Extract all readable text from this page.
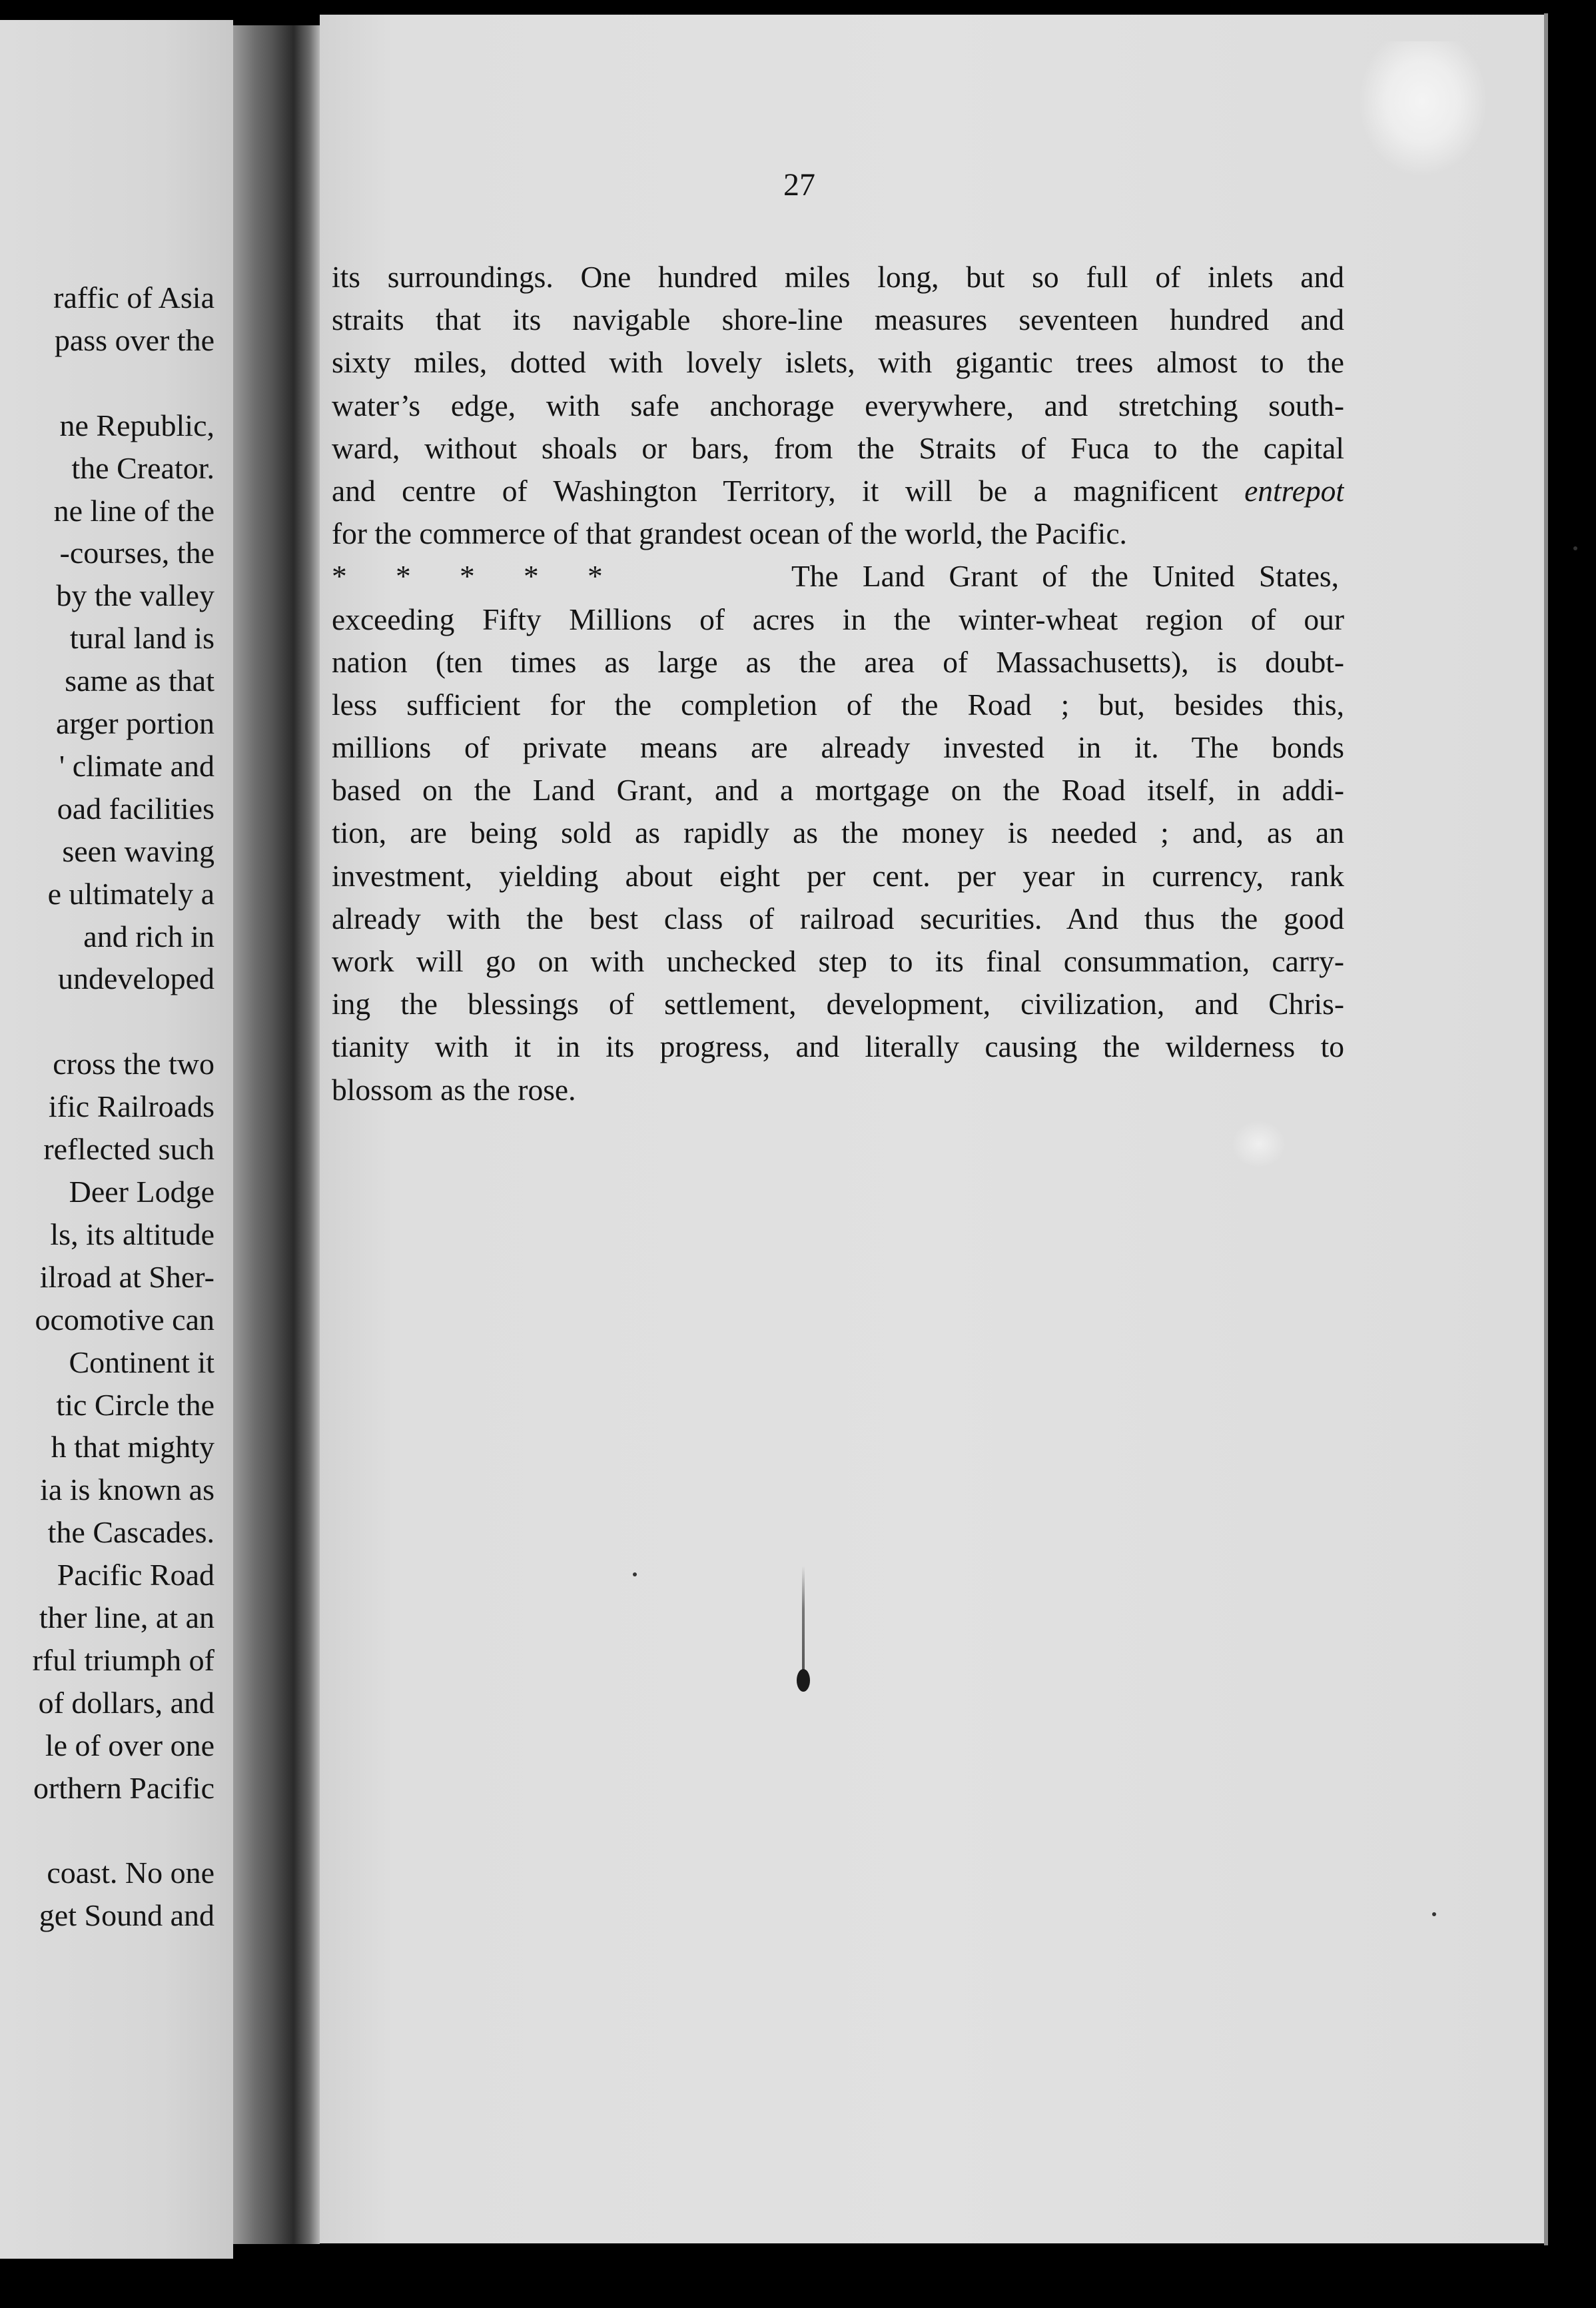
raffic of Asia
pass over the
ne Republic,
the Creator.
ne line of the
-courses, the
by the valley
tural land is
same as that
arger portion
' climate and
oad facilities
seen waving
e ultimately a
and rich in
undeveloped
cross the two
ific Railroads
reflected such
Deer Lodge
ls, its altitude
ilroad at Sher-
ocomotive can
Continent it
tic Circle the
h that mighty
ia is known as
the Cascades.
Pacific Road
ther line, at an
rful triumph of
of dollars, and
le of over one
orthern Pacific
coast. No one
get Sound and
27
its surroundings. One hundred miles long, but so full of inlets and
straits that its navigable shore-line measures seventeen hundred and
sixty miles, dotted with lovely islets, with gigantic trees almost to the
water’s edge, with safe anchorage everywhere, and stretching south-
ward, without shoals or bars, from the Straits of Fuca to the capital
and centre of Washington Territory, it will be a magnificent entrepot
for the commerce of that grandest ocean of the world, the Pacific.
* * * * *	The Land Grant of the United States,
exceeding Fifty Millions of acres in the winter-wheat region of our
nation (ten times as large as the area of Massachusetts), is doubt-
less sufficient for the completion of the Road ; but, besides this,
millions of private means are already invested in it. The bonds
based on the Land Grant, and a mortgage on the Road itself, in addi-
tion, are being sold as rapidly as the money is needed ; and, as an
investment, yielding about eight per cent. per year in currency, rank
already with the best class of railroad securities. And thus the good
work will go on with unchecked step to its final consummation, carry-
ing the blessings of settlement, development, civilization, and Chris-
tianity with it in its progress, and literally causing the wilderness to
blossom as the rose.
